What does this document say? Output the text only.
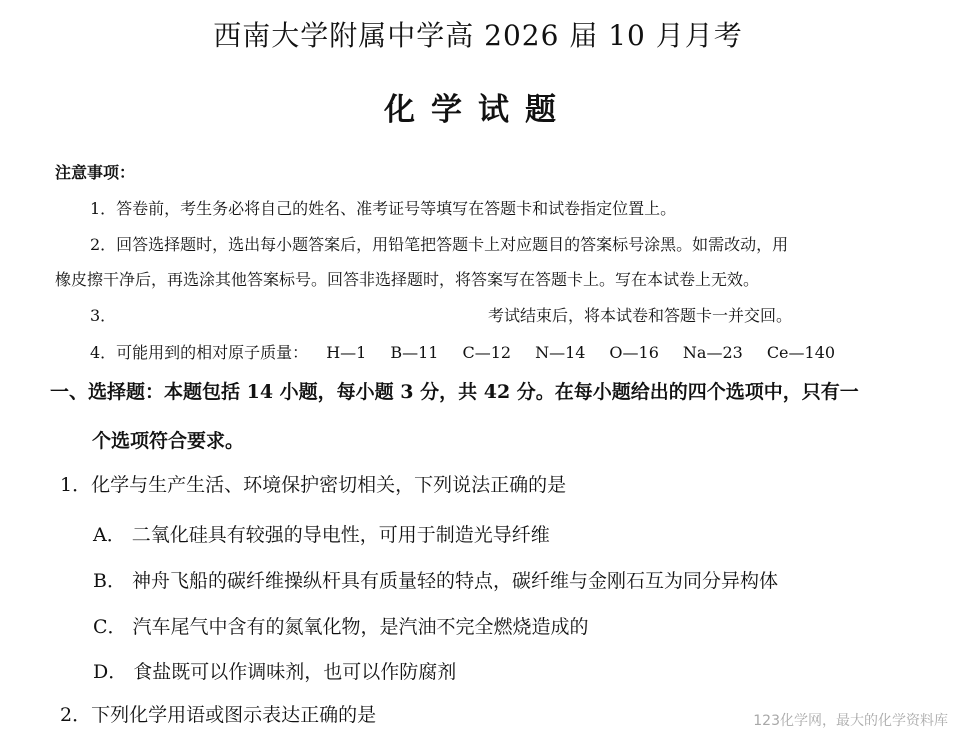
西南大学附属中学高 2026 届 10 月月考
化学试题
注意事项：
1．答卷前，考生务必将自己的姓名、准考证号等填写在答题卡和试卷指定位置上。
2．回答选择题时，选出每小题答案后，用铅笔把答题卡上对应题目的答案标号涂黑。如需改动，用
橡皮擦干净后，再选涂其他答案标号。回答非选择题时，将答案写在答题卡上。写在本试卷上无效。
3．	考试结束后，将本试卷和答题卡一并交回。
4．可能用到的相对原子质量： H—1 B—11 C—12 N—14 O—16 Na—23 Ce—140
一、选择题：本题包括 14 小题，每小题 3 分，共 42 分。在每小题给出的四个选项中，只有一
个选项符合要求。
1．化学与生产生活、环境保护密切相关，下列说法正确的是
A． 二氧化硅具有较强的导电性，可用于制造光导纤维
B． 神舟飞船的碳纤维操纵杆具有质量轻的特点，碳纤维与金刚石互为同分异构体
C． 汽车尾气中含有的氮氧化物，是汽油不完全燃烧造成的
D． 食盐既可以作调味剂，也可以作防腐剂
2．下列化学用语或图示表达正确的是	123化学网，最大的化学资料库
